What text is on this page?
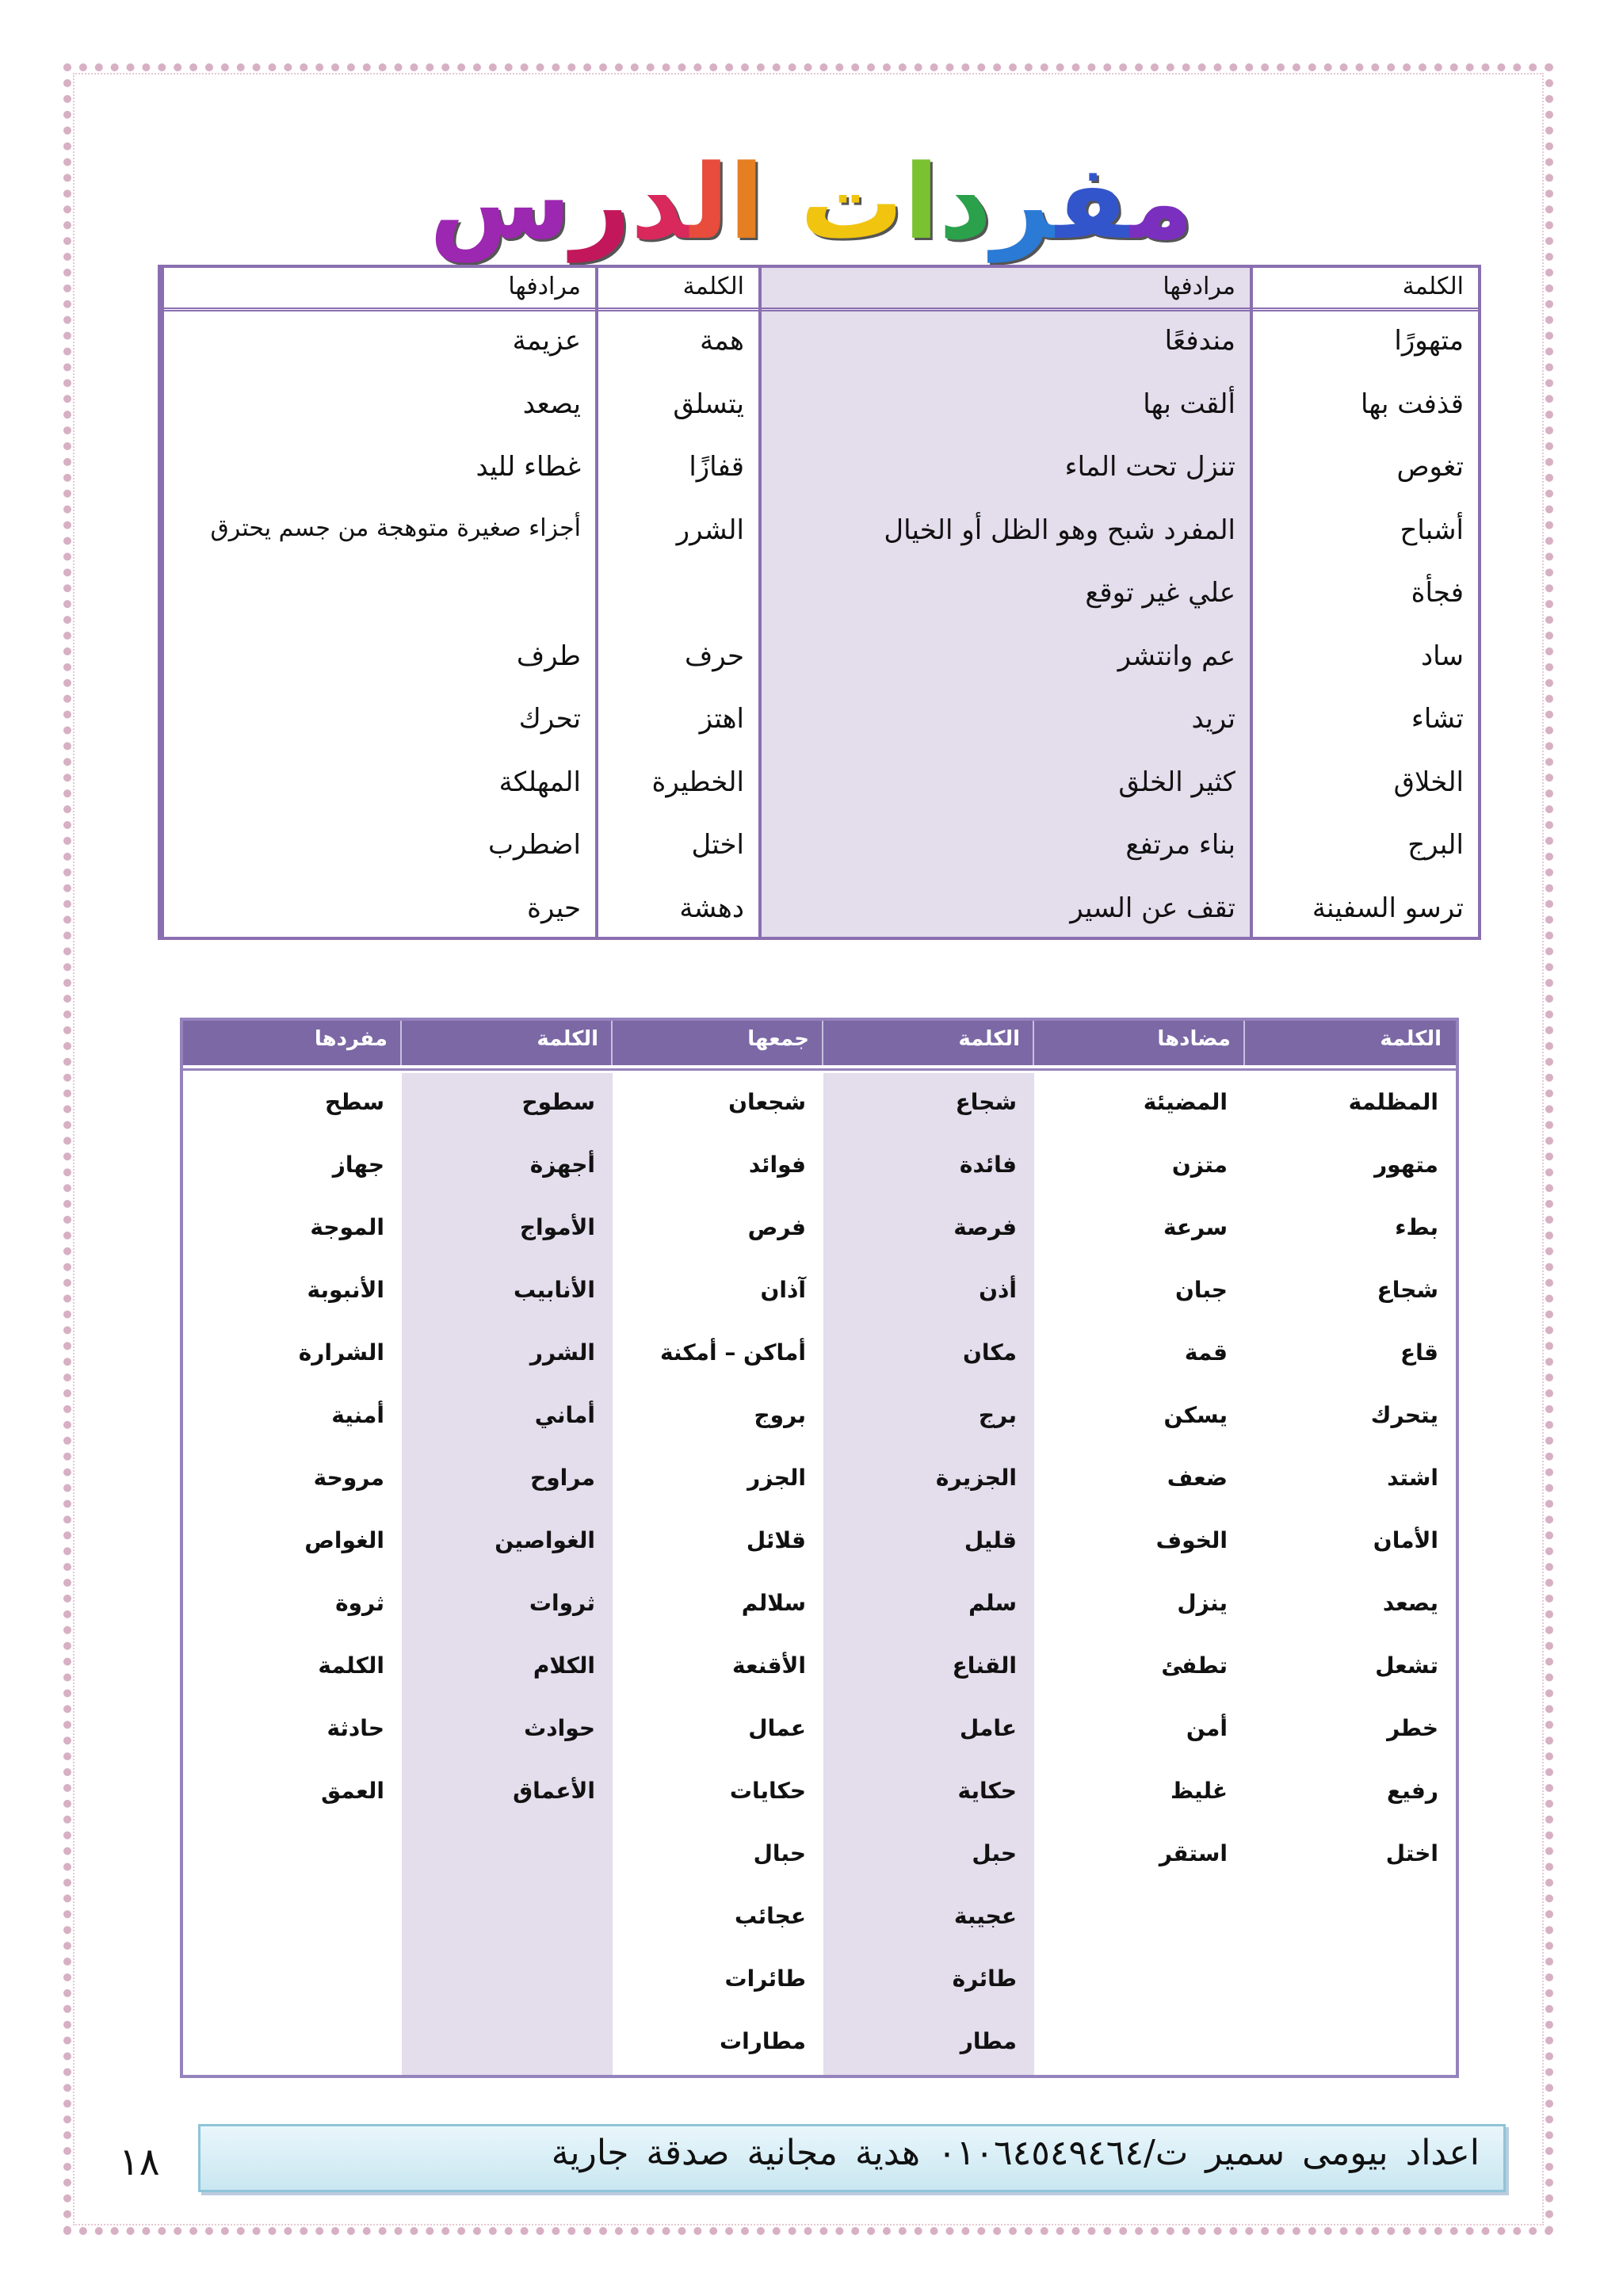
مفردات الدرس
الكلمة
مرادفها
الكلمة
مرادفها
متهورًا
مندفعًا
همة
عزيمة
قذفت بها
ألقت بها
يتسلق
يصعد
تغوص
تنزل تحت الماء
قفازًا
غطاء لليد
أشباح
المفرد شبح وهو الظل أو الخيال
الشرر
أجزاء صغيرة متوهجة من جسم يحترق
فجأة
علي غير توقع
ساد
عم وانتشر
حرف
طرف
تشاء
تريد
اهتز
تحرك
الخلاق
كثير الخلق
الخطيرة
المهلكة
البرج
بناء مرتفع
اختل
اضطرب
ترسو السفينة
تقف عن السير
دهشة
حيرة
الكلمة
مضادها
الكلمة
جمعها
الكلمة
مفردها
المظلمة
متهور
بطء
شجاع
قاع
يتحرك
اشتد
الأمان
يصعد
تشعل
خطر
رفيع
اختل
المضيئة
متزن
سرعة
جبان
قمة
يسكن
ضعف
الخوف
ينزل
تطفئ
أمن
غليظ
استقر
شجاع
فائدة
فرصة
أذن
مكان
برج
الجزيرة
قليل
سلم
القناع
عامل
حكاية
حبل
عجيبة
طائرة
مطار
شجعان
فوائد
فرص
آذان
أماكن – أمكنة
بروج
الجزر
قلائل
سلالم
الأقنعة
عمال
حكايات
حبال
عجائب
طائرات
مطارات
سطوح
أجهزة
الأمواج
الأنابيب
الشرر
أماني
مراوح
الغواصين
ثروات
الكلام
حوادث
الأعماق
سطح
جهاز
الموجة
الأنبوبة
الشرارة
أمنية
مروحة
الغواص
ثروة
الكلمة
حادثة
العمق
اعداد بيومى سمير ت/٠١٠٦٤٥٤٩٤٦٤ هدية مجانية صدقة جارية
١٨
